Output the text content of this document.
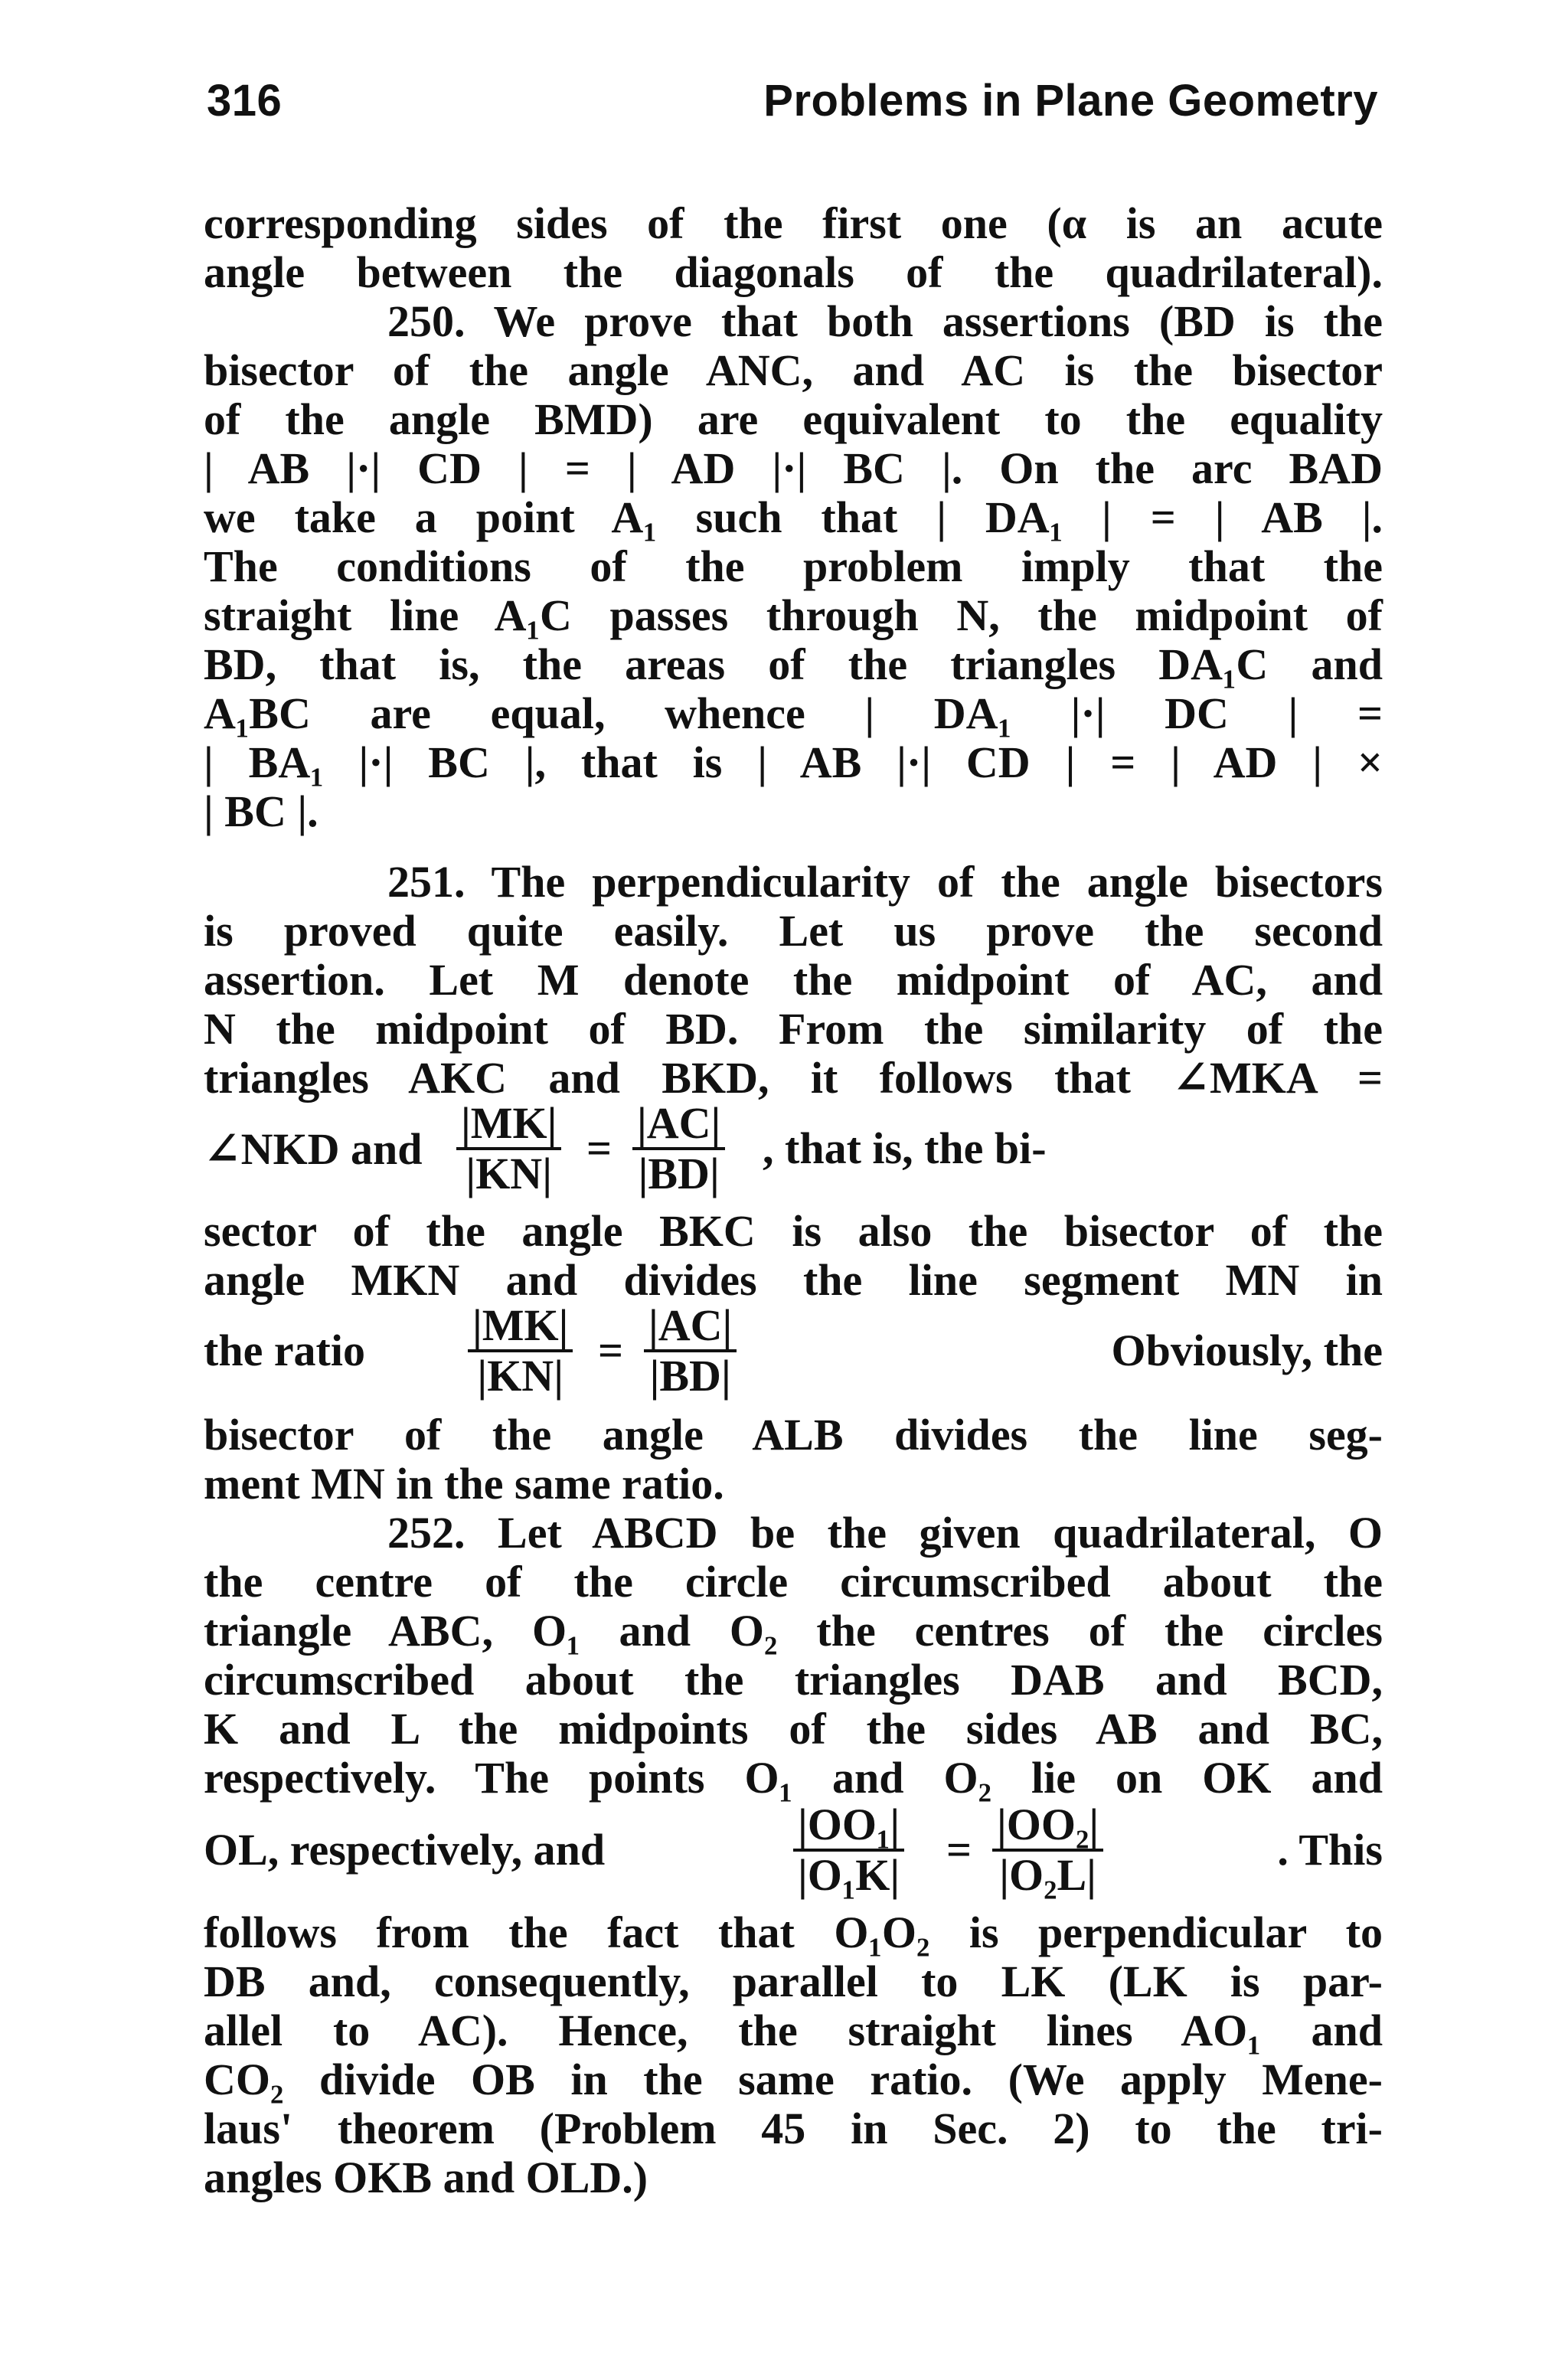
316	Problems in Plane Geometry
corresponding sides of the first one (α is an acute
angle between the diagonals of the quadrilateral).
250. We prove that both assertions (BD is the
bisector of the angle ANC, and AC is the bisector
of the angle BMD) are equivalent to the equality
| AB |·| CD | = | AD |·| BC |. On the arc BAD
we take a point A₁ such that | DA₁ | = | AB |.
The conditions of the problem imply that the
straight line A₁C passes through N, the midpoint of
BD, that is, the areas of the triangles DA₁C and
A₁BC are equal, whence | DA₁ |·| DC | =
| BA₁ |·| BC |, that is | AB |·| CD | = | AD | ×
| BC |.
251. The perpendicularity of the angle bisectors
is proved quite easily. Let us prove the second
assertion. Let M denote the midpoint of AC, and
N the midpoint of BD. From the similarity of the
triangles AKC and BKD, it follows that ∠MKA =
∠NKD and $\frac{|MK|}{|KN|} = \frac{|AC|}{|BD|}$ , that is, the bi-
sector of the angle BKC is also the bisector of the
angle MKN and divides the line segment MN in
the ratio $\frac{|MK|}{|KN|} = \frac{|AC|}{|BD|}$	Obviously, the
bisector of the angle ALB divides the line seg-
ment MN in the same ratio.
252. Let ABCD be the given quadrilateral, O
the centre of the circle circumscribed about the
triangle ABC, O₁ and O₂ the centres of the circles
circumscribed about the triangles DAB and BCD,
K and L the midpoints of the sides AB and BC,
respectively. The points O₁ and O₂ lie on OK and
OL, respectively, and	$\frac{\text{|OO₁|}}{\text{|O₁K|}} = \frac{\text{|OO₂|}}{\text{|O₂L|}}$	. This
follows from the fact that O₁O₂ is perpendicular to
DB and, consequently, parallel to LK (LK is par-
allel to AC). Hence, the straight lines AO₁ and
CO₂ divide OB in the same ratio. (We apply Mene-
laus' theorem (Problem 45 in Sec. 2) to the tri-
angles OKB and OLD.)
